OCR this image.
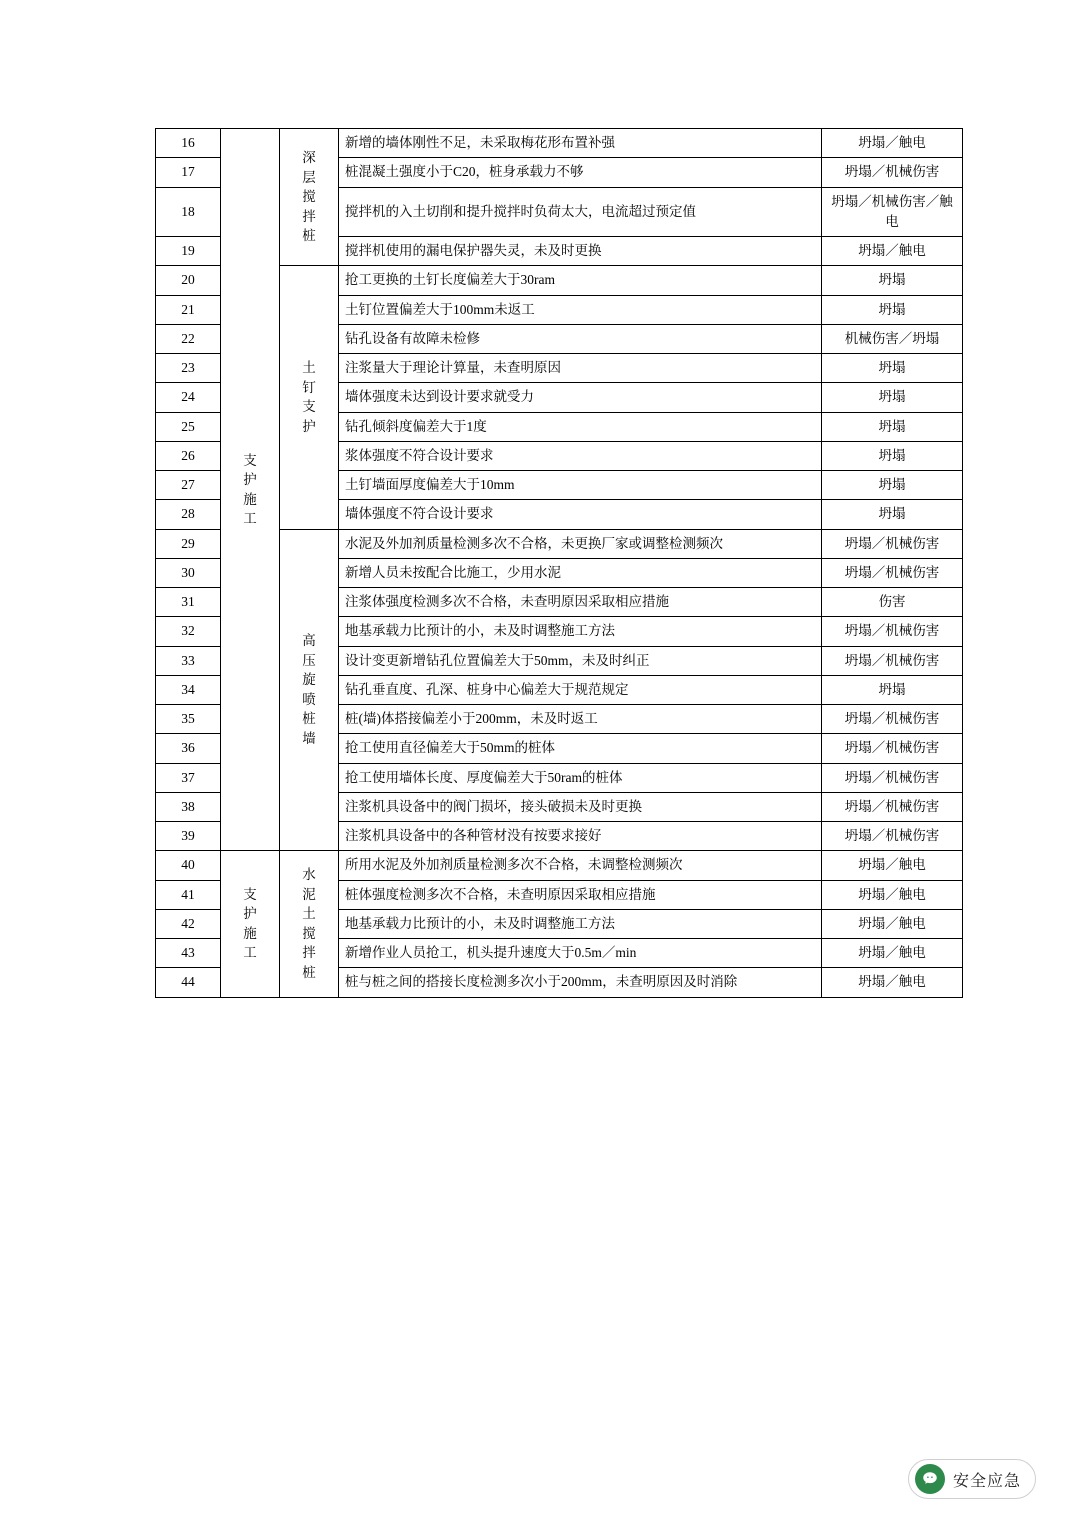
16	支 护 施 工	深 层 搅 拌 桩	新增的墙体刚性不足，未采取梅花形布置补强	坍塌／触电
17			桩混凝土强度小于C20，桩身承载力不够	坍塌／机械伤害
18			搅拌机的入土切削和提升搅拌时负荷太大，电流超过预定值	坍塌／机械伤害／触电
19			搅拌机使用的漏电保护器失灵，未及时更换	坍塌／触电
20		土 钉 支 护	抢工更换的土钉长度偏差大于30ram	坍塌
21			土钉位置偏差大于100mm未返工	坍塌
22			钻孔设备有故障未检修	机械伤害／坍塌
23			注浆量大于理论计算量，未查明原因	坍塌
24			墙体强度未达到设计要求就受力	坍塌
25			钻孔倾斜度偏差大于1度	坍塌
26			浆体强度不符合设计要求	坍塌
27			土钉墙面厚度偏差大于10mm	坍塌
28			墙体强度不符合设计要求	坍塌
29		高 压 旋 喷 桩 墙	水泥及外加剂质量检测多次不合格，未更换厂家或调整检测频次	坍塌／机械伤害
30			新增人员未按配合比施工，少用水泥	坍塌／机械伤害
31			注浆体强度检测多次不合格，未查明原因采取相应措施	伤害
32			地基承载力比预计的小，未及时调整施工方法	坍塌／机械伤害
33			设计变更新增钻孔位置偏差大于50mm，未及时纠正	坍塌／机械伤害
34			钻孔垂直度、孔深、桩身中心偏差大于规范规定	坍塌
35			桩(墙)体搭接偏差小于200mm，未及时返工	坍塌／机械伤害
36			抢工使用直径偏差大于50mm的桩体	坍塌／机械伤害
37			抢工使用墙体长度、厚度偏差大于50ram的桩体	坍塌／机械伤害
38			注浆机具设备中的阀门损坏，接头破损未及时更换	坍塌／机械伤害
39			注浆机具设备中的各种管材没有按要求接好	坍塌／机械伤害
40	支 护 施 工	水 泥 土 搅 拌 桩	所用水泥及外加剂质量检测多次不合格，未调整检测频次	坍塌／触电
41			桩体强度检测多次不合格，未查明原因采取相应措施	坍塌／触电
42			地基承载力比预计的小，未及时调整施工方法	坍塌／触电
43			新增作业人员抢工，机头提升速度大于0.5m／min	坍塌／触电
44			桩与桩之间的搭接长度检测多次小于200mm，未查明原因及时消除	坍塌／触电
安全应急
